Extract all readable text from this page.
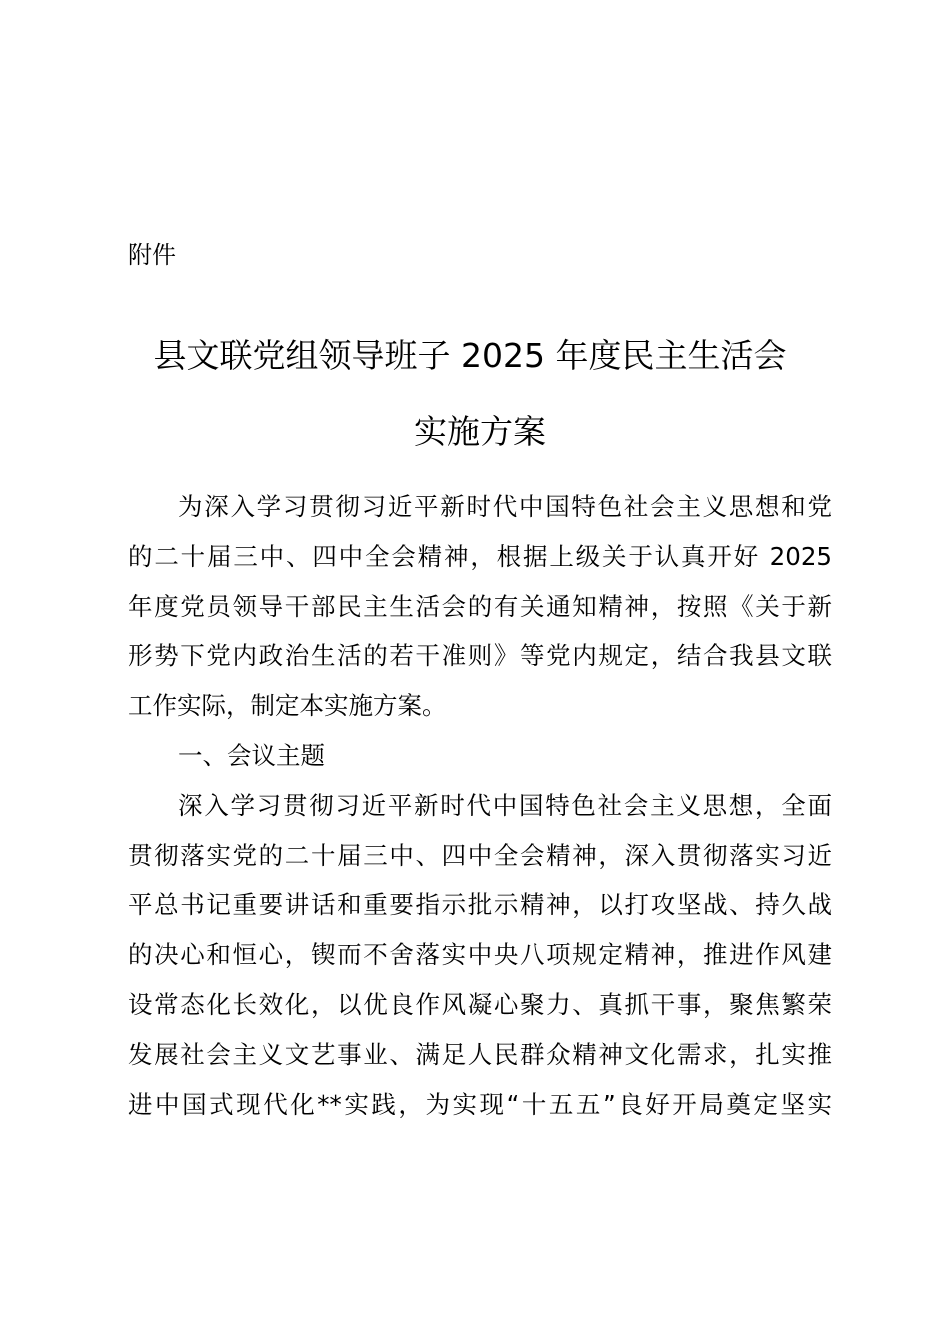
附件
县文联党组领导班子 2025 年度民主生活会
实施方案
为深入学习贯彻习近平新时代中国特色社会主义思想和党
的二十届三中、四中全会精神，根据上级关于认真开好 2025
年度党员领导干部民主生活会的有关通知精神，按照《关于新
形势下党内政治生活的若干准则》等党内规定，结合我县文联
工作实际，制定本实施方案。
一、会议主题
深入学习贯彻习近平新时代中国特色社会主义思想，全面
贯彻落实党的二十届三中、四中全会精神，深入贯彻落实习近
平总书记重要讲话和重要指示批示精神，以打攻坚战、持久战
的决心和恒心，锲而不舍落实中央八项规定精神，推进作风建
设常态化长效化，以优良作风凝心聚力、真抓干事，聚焦繁荣
发展社会主义文艺事业、满足人民群众精神文化需求，扎实推
进中国式现代化**实践，为实现“十五五”良好开局奠定坚实
